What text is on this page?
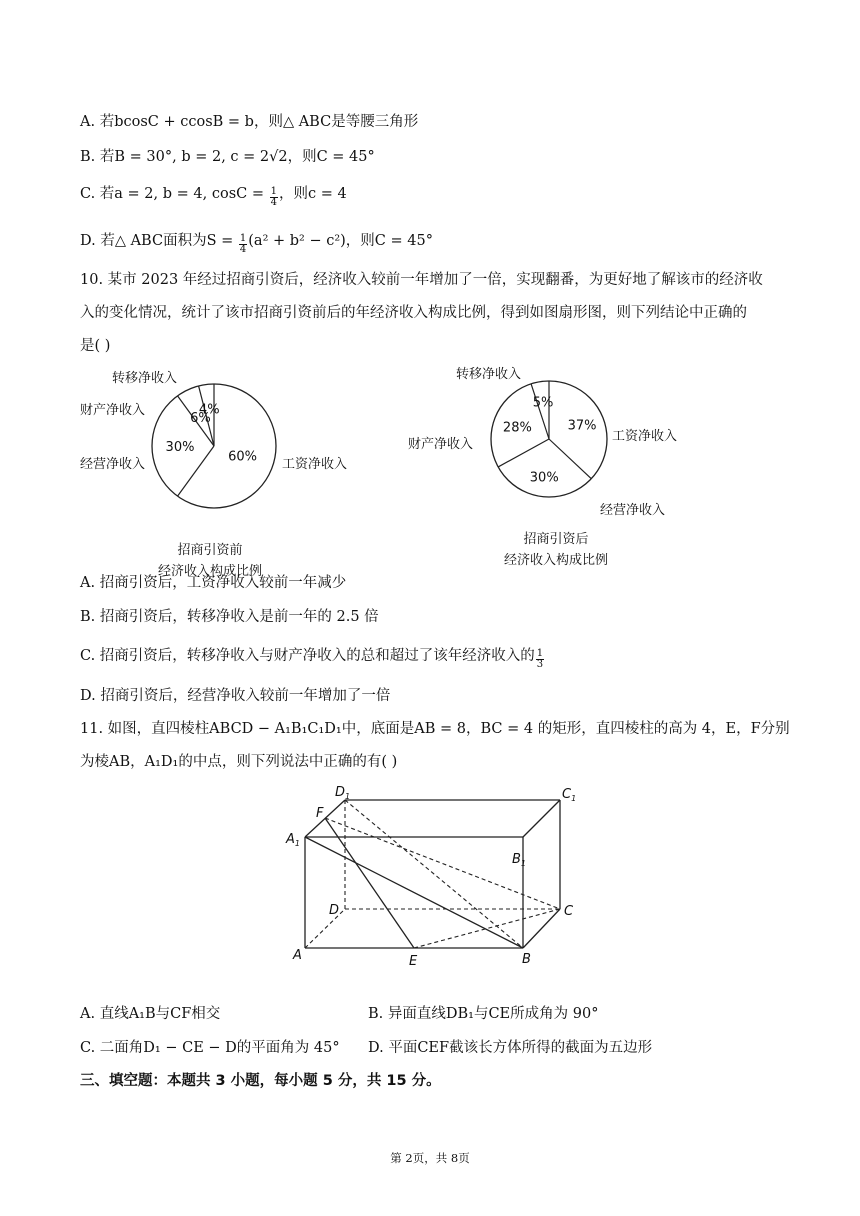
A. 若bcosC + ccosB = b，则△ ABC是等腰三角形
B. 若B = 30°, b = 2, c = 2√2，则C = 45°
C. 若a = 2, b = 4, $\cos C = \frac{1}{4}$ ，则c = 4
D. 若△ ABC面积为$S = \frac{1}{4} (a^2 + b^2 - c^2)$，则C = 45°
10. 某市 2023 年经过招商引资后，经济收入较前一年增加了一倍，实现翻番，为更好地了解该市的经济收
入的变化情况，统计了该市招商引资前后的年经济收入构成比例，得到如图扇形图，则下列结论中正确的
是( )
60%
30%
6%
4%
工资净收入
经营净收入
财产净收入
转移净收入
招商引资前
经济收入构成比例
37%
30%
28%
5%
工资净收入
经营净收入
财产净收入
转移净收入
招商引资后
经济收入构成比例
A. 招商引资后，工资净收入较前一年减少
B. 招商引资后，转移净收入是前一年的 2.5 倍
C. 招商引资后，转移净收入与财产净收入的总和超过了该年经济收入的 $\frac{1}{3}$
D. 招商引资后，经营净收入较前一年增加了一倍
11. 如图，直四棱柱ABCD − A₁B₁C₁D₁中，底面是AB = 8，BC = 4 的矩形，直四棱柱的高为 4，E，F分别
为棱AB，A₁D₁的中点，则下列说法中正确的有( )
$D_1$	$C_1$
$A_1$
$B_1$
F
D	C
A	E	B
A. 直线A₁B与CF相交	B. 异面直线DB₁与CE所成角为 90°
C. 二面角D₁ − CE − D的平面角为 45° D. 平面CEF截该长方体所得的截面为五边形
三、填空题：本题共 3 小题，每小题 5 分，共 15 分。
第 2页，共 8页
